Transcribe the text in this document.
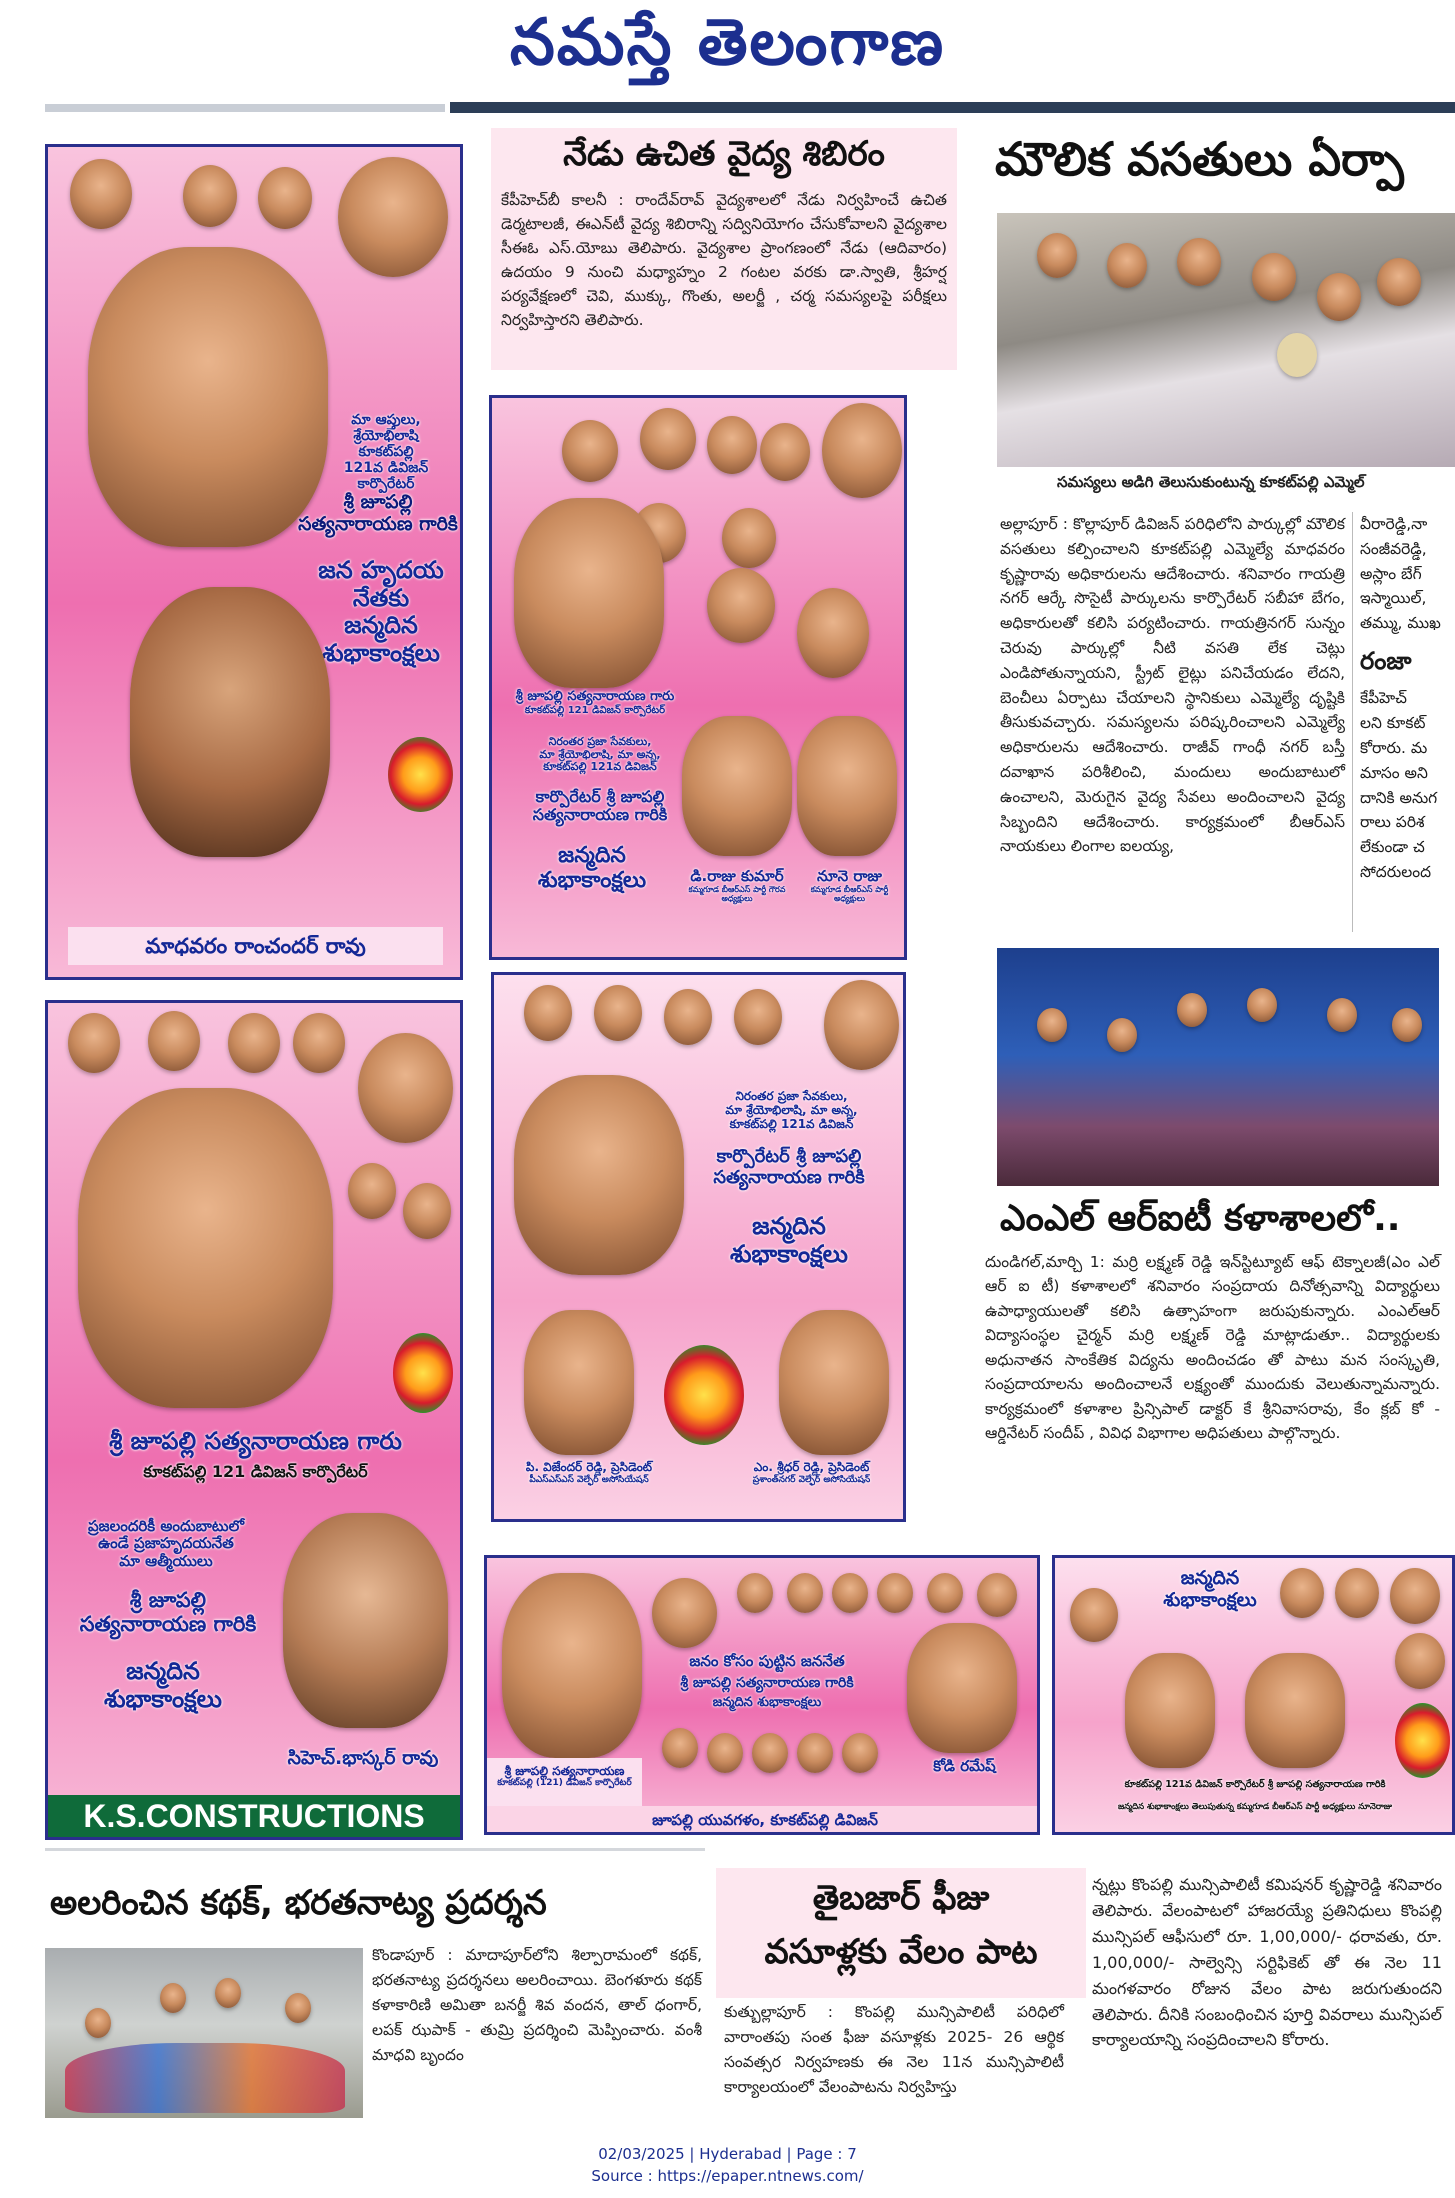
నమస్తే తెలంగాణ
మా ఆప్తులు,
శ్రేయోభిలాషి
కూకట్‌పల్లి
121వ డివిజన్ కార్పొరేటర్
శ్రీ జూపల్లి సత్యనారాయణ గారికి
జన హృదయ
నేతకు
జన్మదిన
శుభాకాంక్షలు
మాధవరం రాంచందర్ రావు
శ్రీ జూపల్లి సత్యనారాయణ గారు
కూకట్‌పల్లి 121 డివిజన్ కార్పొరేటర్
నిరంతర ప్రజా సేవకులు,
మా శ్రేయోభిలాషి, మా అన్న,
కూకట్‌పల్లి 121వ డివిజన్
కార్పొరేటర్ శ్రీ జూపల్లి
సత్యనారాయణ గారికి
జన్మదిన
శుభాకాంక్షలు	డి.రాజు కుమార్
కమ్మగూడ బీఆర్ఎస్ పార్టీ గౌరవ అధ్యక్షులు
నూనె రాజు
కమ్మగూడ బీఆర్ఎస్ పార్టీ అధ్యక్షులు
నేడు ఉచిత వైద్య శిబిరం
కేపీహెచ్‌బీ కాలనీ : రాందేవ్‌రావ్ వైద్యశాలలో నేడు నిర్వహించే ఉచిత డెర్మటాలజీ, ఈఎన్‌టీ వైద్య శిబిరాన్ని సద్వినియోగం చేసుకోవాలని వైద్యశాల సీఈఓ ఎస్.యోబు తెలిపారు. వైద్యశాల ప్రాంగణంలో నేడు (ఆదివారం) ఉదయం 9 నుంచి మధ్యాహ్నం 2 గంటల వరకు డా.స్వాతి, శ్రీహర్ష పర్యవేక్షణలో చెవి, ముక్కు, గొంతు, అలర్జీ , చర్మ సమస్యలపై పరీక్షలు నిర్వహిస్తారని తెలిపారు.
మౌలిక వసతులు ఏర్పా
సమస్యలు అడిగి తెలుసుకుంటున్న కూకట్‌పల్లి ఎమ్మెల్
అల్లాపూర్ : కొల్లాపూర్ డివిజన్ పరిధిలోని పార్కుల్లో మౌలిక వసతులు కల్పించాలని కూకట్‌పల్లి ఎమ్మెల్యే మాధవరం కృష్ణారావు అధికారులను ఆదేశించారు. శనివారం గాయత్రి నగర్ ఆర్కే సొసైటీ పార్కులను కార్పొరేటర్ సబీహా బేగం, అధికారులతో కలిసి పర్యటించారు. గాయత్రినగర్ సున్నం చెరువు పార్కుల్లో నీటి వసతి లేక చెట్లు ఎండిపోతున్నాయని, స్ట్రీట్ లైట్లు పనిచేయడం లేదని, బెంచీలు ఏర్పాటు చేయాలని స్థానికులు ఎమ్మెల్యే దృష్టికి తీసుకువచ్చారు. సమస్యలను పరిష్కరించాలని ఎమ్మెల్యే అధికారులను ఆదేశించారు. రాజీవ్ గాంధీ నగర్ బస్తీ దవాఖాన పరిశీలించి, మందులు అందుబాటులో ఉంచాలని, మెరుగైన వైద్య సేవలు అందించాలని వైద్య సిబ్బందిని ఆదేశించారు. కార్యక్రమంలో బీఆర్ఎస్ నాయకులు లింగాల ఐలయ్య,
వీరారెడ్డి,నా
సంజీవరెడ్డి,
అస్లాం బేగ్
ఇస్మాయిల్,
తమ్ము, ముఖ
రంజా
కేపీహెచ్
లని కూకట్
కోరారు. మ
మాసం అని
దానికి అనుగ
రాలు పరిశ
లేకుండా చ
సోదరులంద
ఎంఎల్ ఆర్ఐటీ కళాశాలలో..
దుండిగల్,మార్చి 1: మర్రి లక్ష్మణ్ రెడ్డి ఇన్‌స్టిట్యూట్ ఆఫ్ టెక్నాలజీ(ఎం ఎల్ ఆర్ ఐ టీ) కళాశాలలో శనివారం సంప్రదాయ దినోత్సవాన్ని విద్యార్థులు ఉపాధ్యాయులతో కలిసి ఉత్సాహంగా జరుపుకున్నారు. ఎంఎల్ఆర్ విద్యాసంస్థల చైర్మన్ మర్రి లక్ష్మణ్ రెడ్డి మాట్లాడుతూ.. విద్యార్థులకు అధునాతన సాంకేతిక విద్యను అందించడం తో పాటు మన సంస్కృతి, సంప్రదాయాలను అందించాలనే లక్ష్యంతో ముందుకు వెలుతున్నామన్నారు. కార్యక్రమంలో కళాశాల ప్రిన్సిపాల్ డాక్టర్ కే శ్రీనివాసరావు, కేం క్లబ్ కో - ఆర్డినేటర్ సందీప్ , వివిధ విభాగాల అధిపతులు పాల్గొన్నారు.
నిరంతర ప్రజా సేవకులు,
మా శ్రేయోభిలాషి, మా అన్న,
కూకట్‌పల్లి 121వ డివిజన్
కార్పొరేటర్ శ్రీ జూపల్లి
సత్యనారాయణ గారికి
జన్మదిన
శుభాకాంక్షలు
పి. విజేందర్ రెడ్డి, ప్రెసిడెంట్
పీఎస్ఎస్ఎస్ వెల్ఫేర్ అసోసియేషన్
ఎం. శ్రీధర్ రెడ్డి, ప్రెసిడెంట్
ప్రశాంత్‌నగర్ వెల్ఫేర్ అసోసియేషన్
శ్రీ జూపల్లి సత్యనారాయణ గారు
కూకట్‌పల్లి 121 డివిజన్ కార్పొరేటర్
ప్రజలందరికీ అందుబాటులో
ఉండే ప్రజాహృదయనేత
మా ఆత్మీయులు
శ్రీ జూపల్లి
సత్యనారాయణ గారికి
జన్మదిన
శుభాకాంక్షలు
సిహెచ్.భాస్కర్ రావు
K.S.CONSTRUCTIONS
జనం కోసం పుట్టిన జననేత
శ్రీ జూపల్లి సత్యనారాయణ గారికి
జన్మదిన శుభాకాంక్షలు
శ్రీ జూపల్లి సత్యనారాయణ
కూకట్‌పల్లి (121) డివిజన్ కార్పొరేటర్
కోడి రమేష్
జూపల్లి యువగళం, కూకట్‌పల్లి డివిజన్
జన్మదిన
శుభాకాంక్షలు
కూకట్‌పల్లి 121వ డివిజన్ కార్పొరేటర్ శ్రీ జూపల్లి సత్యనారాయణ గారికి
జన్మదిన శుభాకాంక్షలు తెలుపుతున్న కమ్మగూడ బీఆర్ఎస్ పార్టీ అధ్యక్షులు నూనెరాజు
అలరించిన కథక్, భరతనాట్య ప్రదర్శన
కొండాపూర్ : మాదాపూర్‌లోని శిల్పారామంలో కథక్, భరతనాట్య ప్రదర్శనలు అలరించాయి. బెంగళూరు కథక్ కళాకారిణి అమితా బనర్జీ శివ వందన, తాల్ ధంగార్, లపక్ ఝపాక్ - తుమ్రి ప్రదర్శించి మెప్పించారు. వంశీ మాధవి బృందం
తైబజార్ ఫీజు
వసూళ్లకు వేలం పాట
కుత్బుల్లాపూర్ : కొంపల్లి మున్సిపాలిటీ పరిధిలో వారాంతపు సంత ఫీజు వసూళ్లకు 2025- 26 ఆర్థిక సంవత్సర నిర్వహణకు ఈ నెల 11న మున్సిపాలిటీ కార్యాలయంలో వేలంపాటను నిర్వహిస్తు
న్నట్లు కొంపల్లి మున్సిపాలిటీ కమిషనర్ కృష్ణారెడ్డి శనివారం తెలిపారు. వేలంపాటలో హాజరయ్యే ప్రతినిధులు కొంపల్లి మున్సిపల్ ఆఫీసులో రూ. 1,00,000/- ధరావతు, రూ. 1,00,000/- సాల్వెన్సి సర్టిఫికెట్ తో ఈ నెల 11 మంగళవారం రోజున వేలం పాట జరుగుతుందని తెలిపారు. దీనికి సంబంధించిన పూర్తి వివరాలు మున్సిపల్ కార్యాలయాన్ని సంప్రదించాలని కోరారు.
02/03/2025 | Hyderabad | Page : 7
Source : https://epaper.ntnews.com/
